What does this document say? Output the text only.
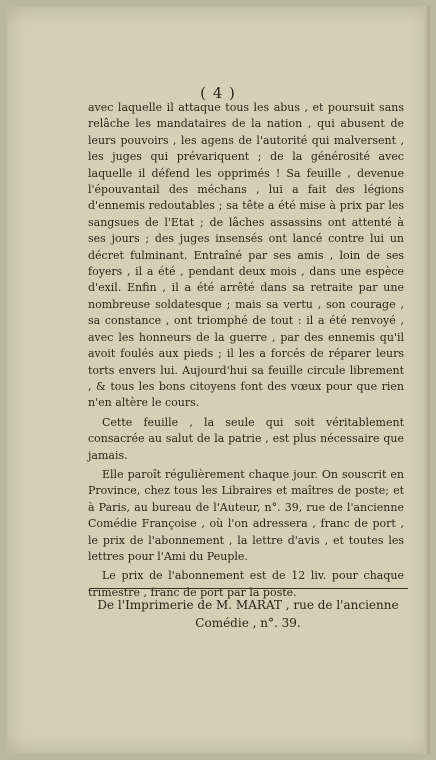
( 4 )

avec laquelle il attaque tous les abus , et poursuit sans relâche les mandataires de la nation , qui abusent de leurs pouvoirs , les agens de l'autorité qui malversent , les juges qui prévariquent ; de la générosité avec laquelle il défend les opprimés ! Sa feuille , devenue l'épouvantail des méchans , lui a fait des légions d'ennemis redoutables ; sa tête a été mise à prix par les sangsues de l'Etat ; de lâches assassins ont attenté à ses jours ; des juges insensés ont lancé contre lui un décret fulminant. Entraîné par ses amis , loin de ses foyers , il a été , pendant deux mois , dans une espèce d'exil. Enfin , il a été arrêté dans sa retraite par une nombreuse soldatesque ; mais sa vertu , son courage , sa constance , ont triomphé de tout : il a été renvoyé , avec les honneurs de la guerre , par des ennemis qu'il avoit foulés aux pieds ; il les a forcés de réparer leurs torts envers lui. Aujourd'hui sa feuille circule librement , & tous les bons citoyens font des vœux pour que rien n'en altère le cours.

Cette feuille , la seule qui soit véritablement consacrée au salut de la patrie , est plus nécessaire que jamais.

Elle paroît régulièrement chaque jour. On souscrit en Province, chez tous les Libraires et maîtres de poste; et à Paris, au bureau de l'Auteur, n°. 39, rue de l'ancienne Comédie Françoise , où l'on adressera , franc de port , le prix de l'abonnement , la lettre d'avis , et toutes les lettres pour l'Ami du Peuple.

Le prix de l'abonnement est de 12 liv. pour chaque trimestre , franc de port par la poste.

De l'Imprimerie de M. MARAT , rue de l'ancienne Comédie , n°. 39.
